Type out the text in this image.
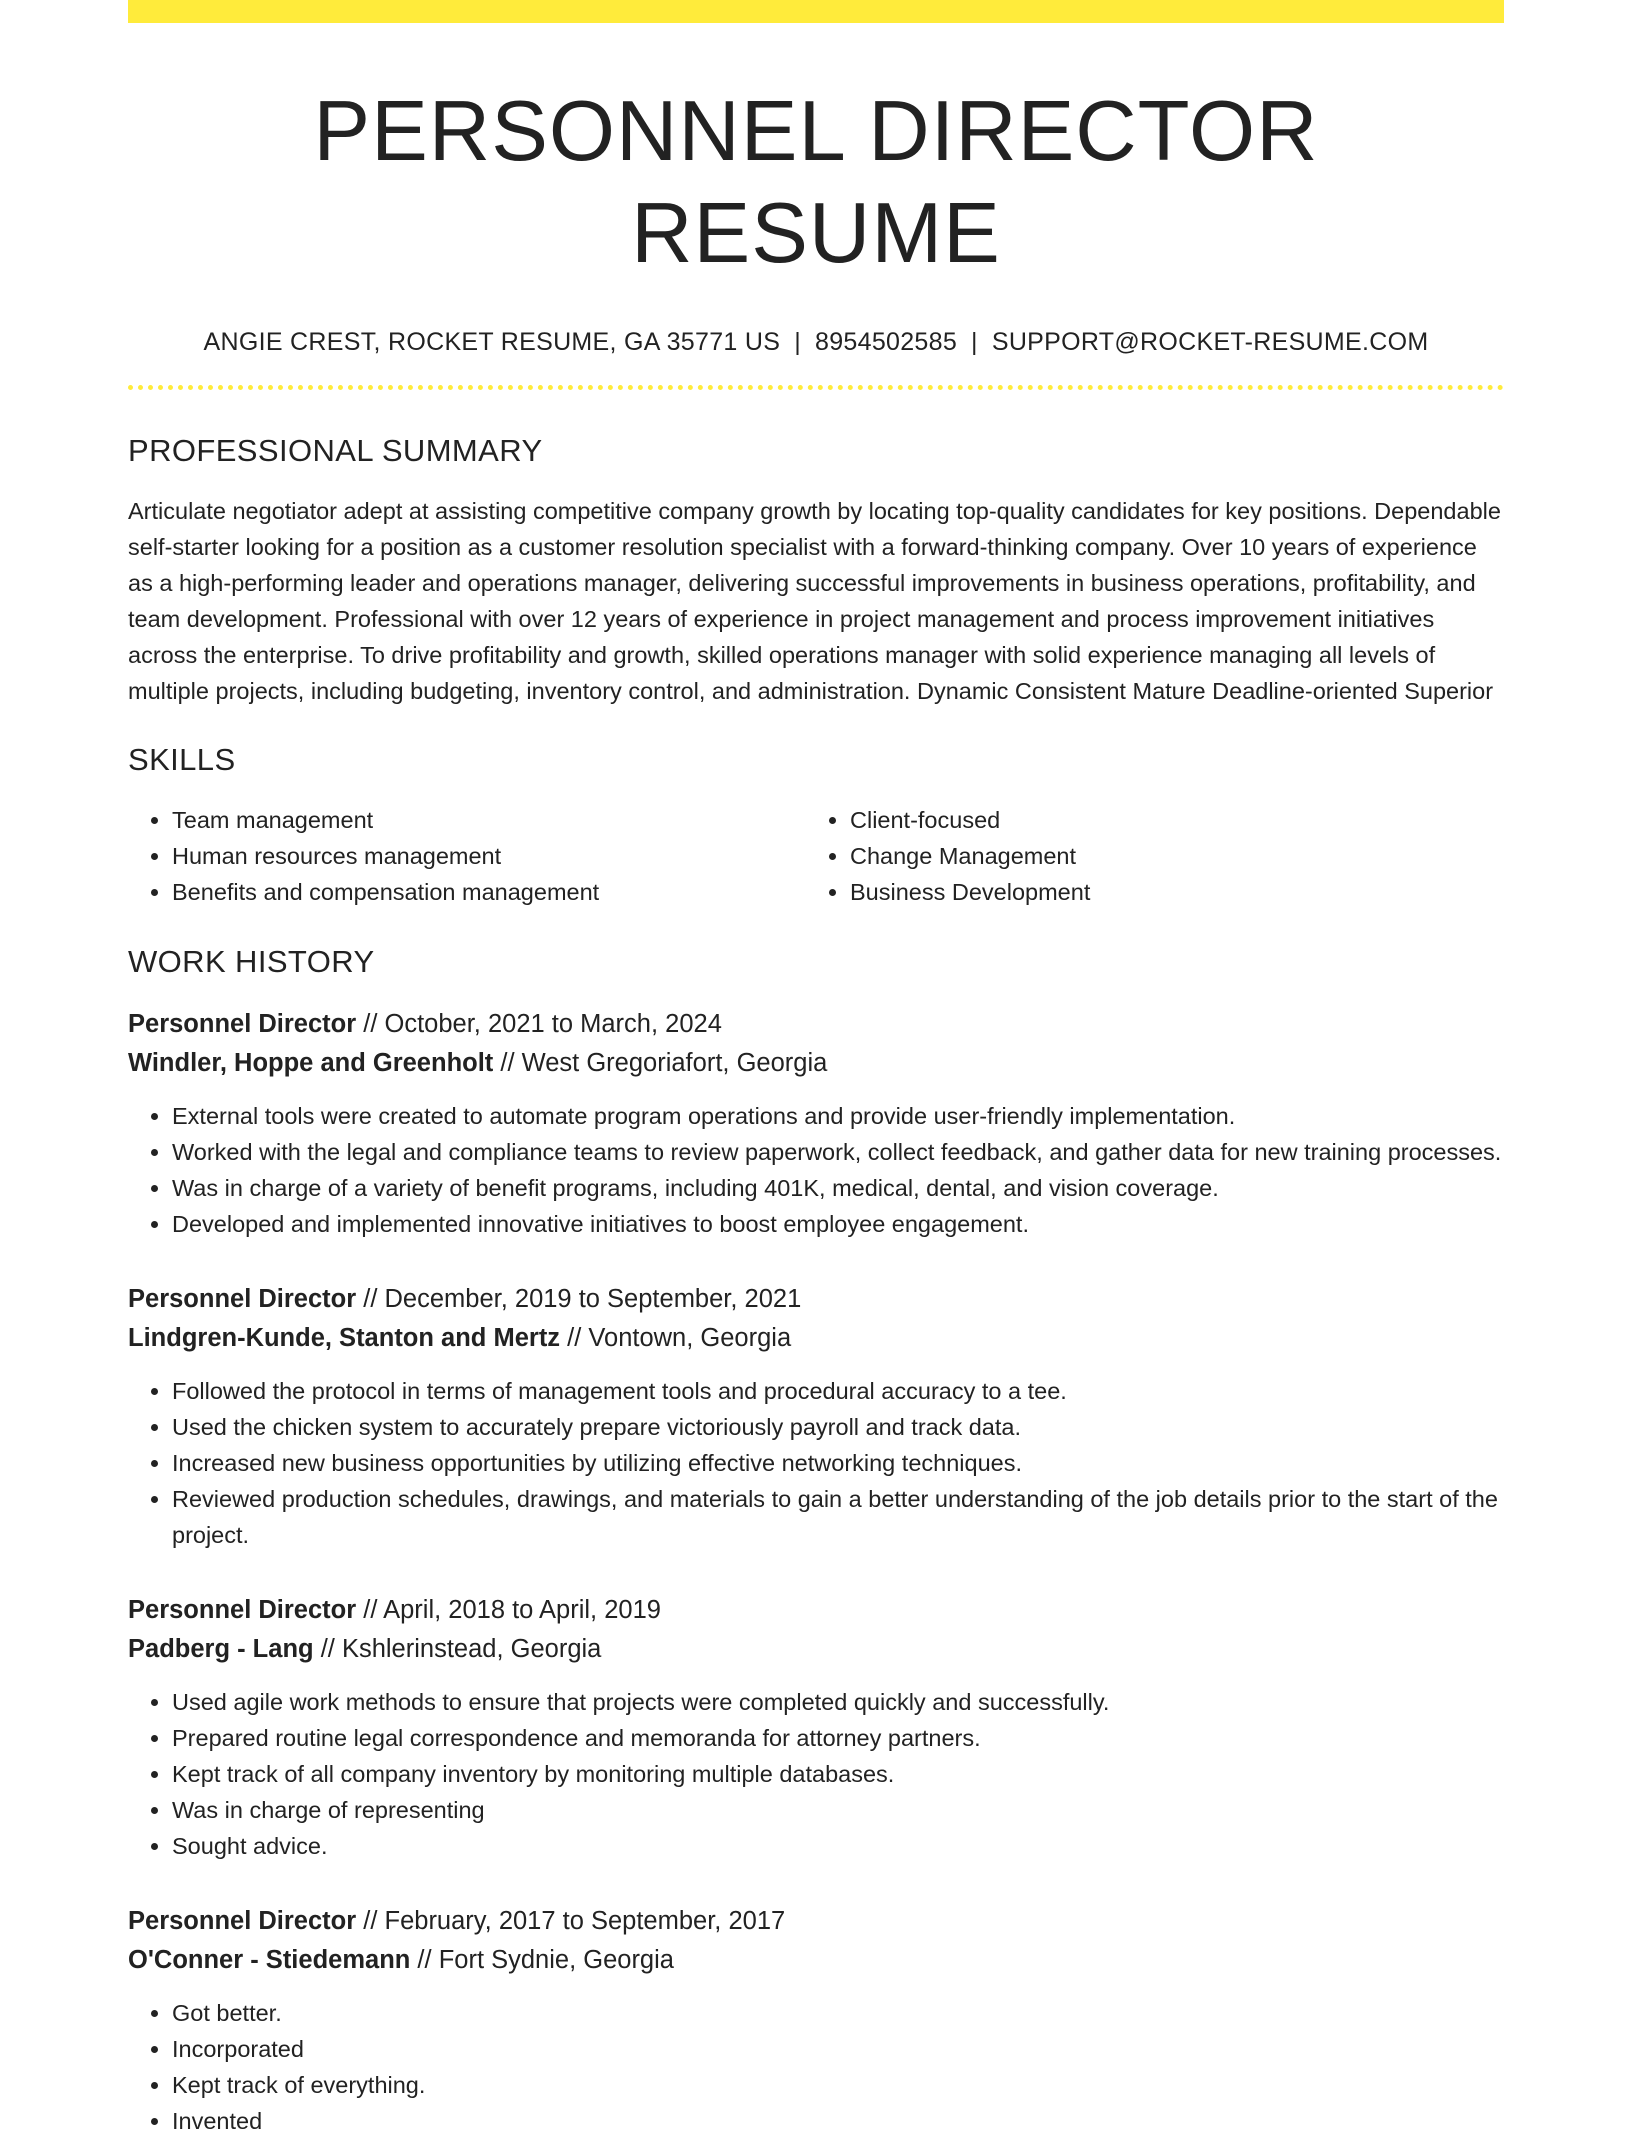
PERSONNEL DIRECTOR RESUME
ANGIE CREST, ROCKET RESUME, GA 35771 US | 8954502585 | SUPPORT@ROCKET-RESUME.COM
PROFESSIONAL SUMMARY

Articulate negotiator adept at assisting competitive company growth by locating top-quality candidates for key positions. Dependable self-starter looking for a position as a customer resolution specialist with a forward-thinking company. Over 10 years of experience as a high-performing leader and operations manager, delivering successful improvements in business operations, profitability, and team development. Professional with over 12 years of experience in project management and process improvement initiatives across the enterprise. To drive profitability and growth, skilled operations manager with solid experience managing all levels of multiple projects, including budgeting, inventory control, and administration. Dynamic Consistent Mature Deadline-oriented Superior

SKILLS
• Team management
• Human resources management
• Benefits and compensation management
• Client-focused
• Change Management
• Business Development
WORK HISTORY
Personnel Director // October, 2021 to March, 2024
Windler, Hoppe and Greenholt // West Gregoriafort, Georgia
• External tools were created to automate program operations and provide user-friendly implementation.
• Worked with the legal and compliance teams to review paperwork, collect feedback, and gather data for new training processes.
• Was in charge of a variety of benefit programs, including 401K, medical, dental, and vision coverage.
• Developed and implemented innovative initiatives to boost employee engagement.
Personnel Director // December, 2019 to September, 2021
Lindgren-Kunde, Stanton and Mertz // Vontown, Georgia
• Followed the protocol in terms of management tools and procedural accuracy to a tee.
• Used the chicken system to accurately prepare victoriously payroll and track data.
• Increased new business opportunities by utilizing effective networking techniques.
• Reviewed production schedules, drawings, and materials to gain a better understanding of the job details prior to the start of the project.
Personnel Director // April, 2018 to April, 2019
Padberg - Lang // Kshlerinstead, Georgia
• Used agile work methods to ensure that projects were completed quickly and successfully.
• Prepared routine legal correspondence and memoranda for attorney partners.
• Kept track of all company inventory by monitoring multiple databases.
• Was in charge of representing
• Sought advice.
Personnel Director // February, 2017 to September, 2017
O'Conner - Stiedemann // Fort Sydnie, Georgia
• Got better.
• Incorporated
• Kept track of everything.
• Invented
